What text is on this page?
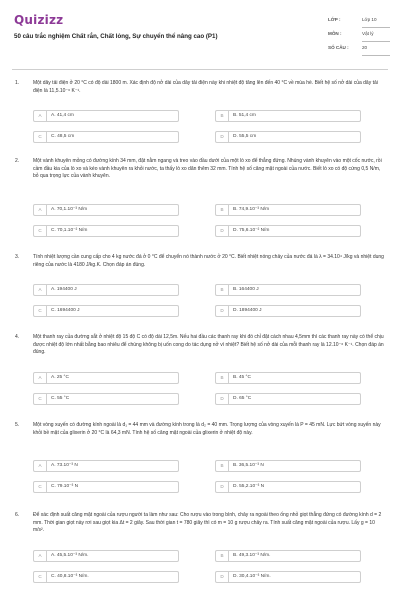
Quizizz
50 câu trắc nghiệm Chất rắn, Chất lỏng, Sự chuyển thể nâng cao (P1)
LỚP :	Lớp 10
MÔN :	Vật lý
SỐ CÂU :	20
1.	Một dây tải điện ở 20 °C có độ dài 1800 m. Xác định độ nở dài của dây tải điện này khi nhiệt độ tăng lên đến 40 °C về mùa hè. Biết hệ số nở dài của dây tải điện là 11,5.10⁻⁶ K⁻¹.
A	A. 41,4 cm	B	B. 51,4 cm
C	C. 48,5 cm	D	D. 55,5 cm
2.	Một vành khuyên mỏng có đường kính 34 mm, đặt nằm ngang và treo vào đầu dưới của một lò xo để thẳng đứng. Nhúng vành khuyên vào một cốc nước, rồi cầm đầu kia của lò xo và kéo vành khuyên ra khỏi nước, ta thấy lò xo dãn thêm 32 mm. Tính hệ số căng mặt ngoài của nước. Biết lò xo có độ cứng 0,5 N/m, bỏ qua trọng lực của vành khuyên.
A	A. 70,1.10⁻³ N/m	B	B. 74,9.10⁻³ N/m
C	C. 70,1.10⁻² N/m	D	D. 75,6.10⁻² N/m
3.	Tính nhiệt lượng cần cung cấp cho 4 kg nước đá ở 0 °C để chuyển nó thành nước ở 20 °C. Biết nhiệt nóng chảy của nước đá là λ = 34.10⁴ J/kg và nhiệt dung riêng của nước là 4180 J/kg.K. Chọn đáp án đúng.
A	A. 194400 J	B	B. 164400 J
C	C. 1694400 J	D	D. 1894400 J
4.	Một thanh ray của đường sắt ở nhiệt độ 15 độ C có độ dài 12,5m. Nếu hai đầu các thanh ray khi đó chỉ đặt cách nhau 4,5mm thì các thanh ray này có thể chịu được nhiệt độ lớn nhất bằng bao nhiêu để chúng không bị uốn cong do tác dụng nở vì nhiệt? Biết hệ số nở dài của mỗi thanh ray là 12.10⁻⁶ K⁻¹. Chọn đáp án đúng.
A	A. 25 °C	B	B. 45 °C
C	C. 55 °C	D	D. 65 °C
5.	Một vòng xuyến có đường kính ngoài là d₁ = 44 mm và đường kính trong là d₂ = 40 mm. Trọng lượng của vòng xuyến là P = 45 mN. Lực bứt vòng xuyến này khỏi bề mặt của glixerin ở 20 °C là 64,3 mN. Tính hệ số căng mặt ngoài của glixerin ở nhiệt độ này.
A	A. 73.10⁻³ N	B	B. 36,5.10⁻³ N
C	C. 79.10⁻³ N	D	D. 55,2.10⁻³ N
6.	Để xác định suất căng mặt ngoài của rượu người ta làm như sau: Cho rượu vào trong bình, chảy ra ngoài theo ống nhỏ giọt thẳng đứng có đường kính d = 2 mm. Thời gian giọt này rơi sau giọt kia Δt = 2 giây. Sau thời gian t = 780 giây thì có m = 10 g rượu chảy ra. Tính suất căng mặt ngoài của rượu. Lấy g = 10 m/s².
A	A. 45,5.10⁻³ N/m.	B	B. 49,3.10⁻³ N/m.
C	C. 40,8.10⁻³ N/m.	D	D. 30,4.10⁻³ N/m.
